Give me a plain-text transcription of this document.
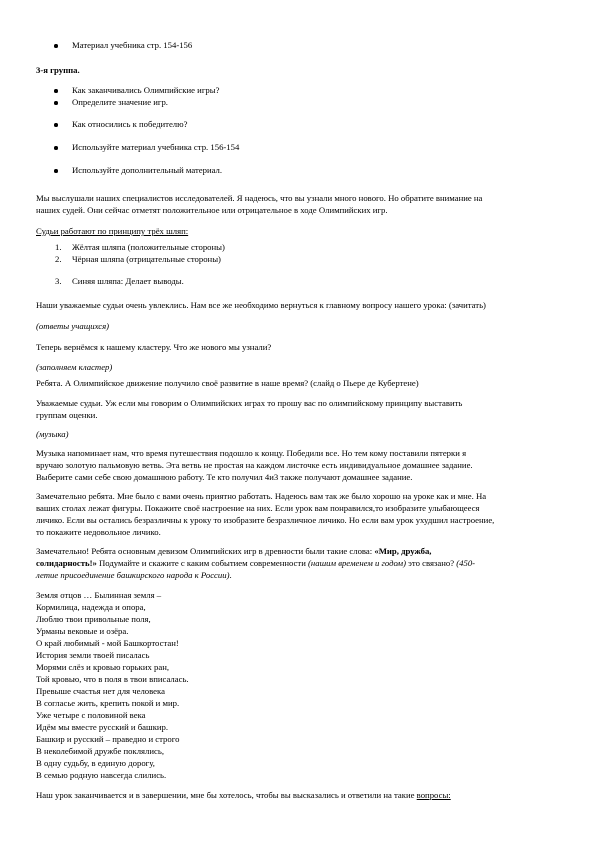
Материал учебника стр. 154-156
3-я группа.
Как заканчивались Олимпийские игры?
Определите значение игр.
Как относились к победителю?
Используйте материал учебника стр. 156-154
Используйте дополнительный материал.
Мы выслушали наших специалистов исследователей. Я надеюсь, что вы узнали много нового. Но обратите внимание на
наших судей. Они сейчас отметят положительное или отрицательное в ходе Олимпийских игр.
Судьи работают по принципу трёх шляп:
1. Жёлтая шляпа (положительные стороны)
2. Чёрная шляпа (отрицательные стороны)
3. Синяя шляпа: Делает выводы.
Наши уважаемые судьи очень увлеклись. Нам все же необходимо вернуться к главному вопросу нашего урока: (зачитать)
(ответы учащихся)
Теперь вернёмся к нашему кластеру. Что же нового мы узнали?
(заполняем кластер)
Ребята. А Олимпийское движение получило своё развитие в наше время? (слайд о Пьере де Кубертене)
Уважаемые судьи. Уж если мы говорим о Олимпийских играх то прошу вас по олимпийскому принципу выставить
группам оценки.
(музыка)
Музыка напоминает нам, что время путешествия подошло к концу. Победили все. Но тем кому поставили пятерки я
вручаю золотую пальмовую ветвь. Эта ветвь не простая на каждом листочке есть индивидуальное домашнее задание.
Выберите сами себе свою домашнюю работу. Те кто получил 4и3 также получают домашнее задание.
Замечательно ребята. Мне было с вами очень приятно работать. Надеюсь вам так же было хорошо на уроке как и мне. На
ваших столах лежат фигуры. Покажите своё настроение на них. Если урок вам понравился,то изобразите улыбающееся
личико. Если вы остались безразличны к уроку то изобразите безразличное личико. Но если вам урок ухудшил настроение,
то покажите недовольное личико.
Замечательно! Ребята основным девизом Олимпийских игр в древности были такие слова: «Мир, дружба,
солидарность!» Подумайте и скажите с каким событием современности (нашим временем и годом) это связано? (450-
летие присоединение башкирского народа к России).
Земля отцов … Былинная земля –
Кормилица, надежда и опора,
Люблю твои привольные поля,
Урманы вековые и озёра.
О край любимый - мой Башкортостан!
История земли твоей писалась
Морями слёз и кровью горьких ран,
Той кровью, что в поля в твои вписалась.
Превыше счастья нет для человека
В согласье жить, крепить покой и мир.
Уже четыре с половиной века
Идём мы вместе русский и башкир.
Башкир и русский – праведно и строго
В неколебимой дружбе поклялись,
В одну судьбу, в единую дорогу,
В семью родную навсегда слились.
Наш урок заканчивается и в завершении, мне бы хотелось, чтобы вы высказались и ответили на такие вопросы:
